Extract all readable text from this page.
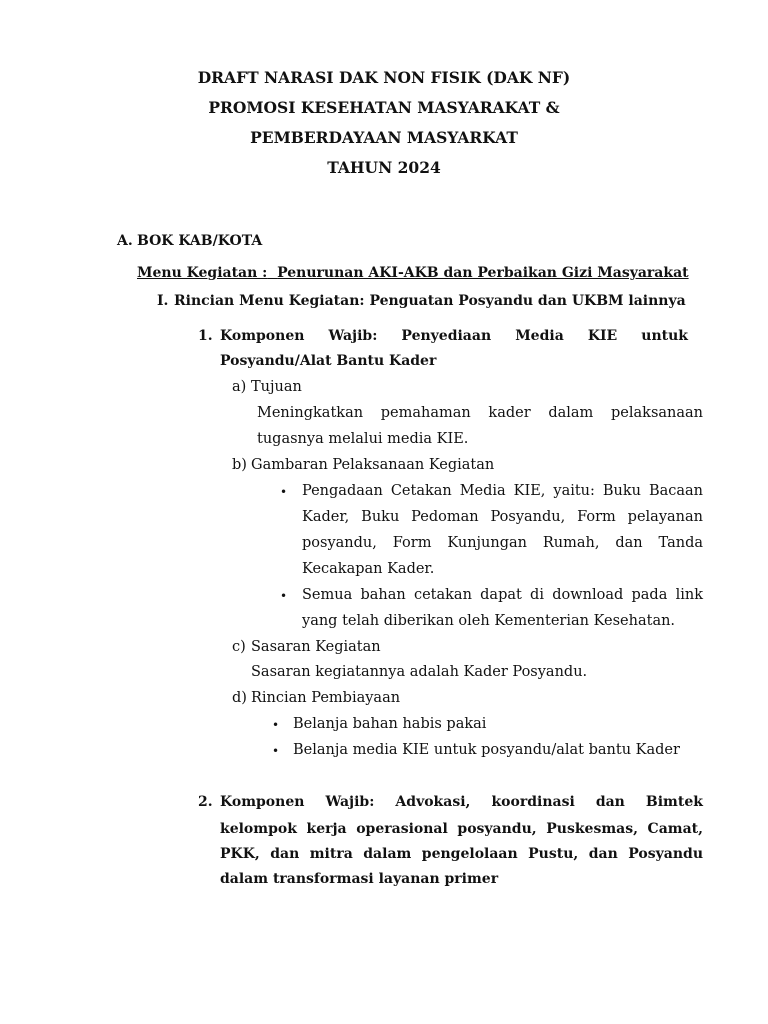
DRAFT NARASI DAK NON FISIK (DAK NF)
PROMOSI KESEHATAN MASYARAKAT &
PEMBERDAYAAN MASYARKAT
TAHUN 2024
A. BOK KAB/KOTA
Menu Kegiatan : Penurunan AKI-AKB dan Perbaikan Gizi Masyarakat
I. Rincian Menu Kegiatan: Penguatan Posyandu dan UKBM lainnya
1. Komponen Wajib: Penyediaan Media KIE untuk
Posyandu/Alat Bantu Kader
a) Tujuan
Meningkatkan pemahaman kader dalam pelaksanaan
tugasnya melalui media KIE.
b) Gambaran Pelaksanaan Kegiatan
• Pengadaan Cetakan Media KIE, yaitu: Buku Bacaan
Kader, Buku Pedoman Posyandu, Form pelayanan
posyandu, Form Kunjungan Rumah, dan Tanda
Kecakapan Kader.
• Semua bahan cetakan dapat di download pada link
yang telah diberikan oleh Kementerian Kesehatan.
c) Sasaran Kegiatan
Sasaran kegiatannya adalah Kader Posyandu.
d) Rincian Pembiayaan
• Belanja bahan habis pakai
• Belanja media KIE untuk posyandu/alat bantu Kader
2. Komponen Wajib: Advokasi, koordinasi dan Bimtek
kelompok kerja operasional posyandu, Puskesmas, Camat,
PKK, dan mitra dalam pengelolaan Pustu, dan Posyandu
dalam transformasi layanan primer
